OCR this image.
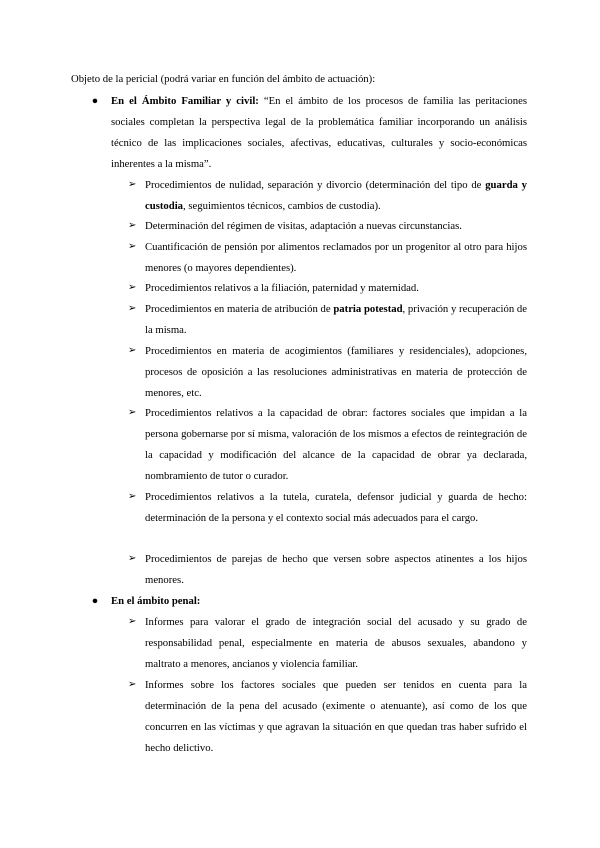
Objeto de la pericial (podrá variar en función del ámbito de actuación):
● En el Ámbito Familiar y civil: “En el ámbito de los procesos de familia las peritaciones sociales completan la perspectiva legal de la problemática familiar incorporando un análisis técnico de las implicaciones sociales, afectivas, educativas, culturales y socio-económicas inherentes a la misma”.
➢ Procedimientos de nulidad, separación y divorcio (determinación del tipo de guarda y custodia, seguimientos técnicos, cambios de custodia).
➢ Determinación del régimen de visitas, adaptación a nuevas circunstancias.
➢ Cuantificación de pensión por alimentos reclamados por un progenitor al otro para hijos menores (o mayores dependientes).
➢ Procedimientos relativos a la filiación, paternidad y maternidad.
➢ Procedimientos en materia de atribución de patria potestad, privación y recuperación de la misma.
➢ Procedimientos en materia de acogimientos (familiares y residenciales), adopciones, procesos de oposición a las resoluciones administrativas en materia de protección de menores, etc.
➢ Procedimientos relativos a la capacidad de obrar: factores sociales que impidan a la persona gobernarse por sí misma, valoración de los mismos a efectos de reintegración de la capacidad y modificación del alcance de la capacidad de obrar ya declarada, nombramiento de tutor o curador.
➢ Procedimientos relativos a la tutela, curatela, defensor judicial y guarda de hecho: determinación de la persona y el contexto social más adecuados para el cargo.
➢ Procedimientos de parejas de hecho que versen sobre aspectos atinentes a los hijos menores.
● En el ámbito penal:
➢ Informes para valorar el grado de integración social del acusado y su grado de responsabilidad penal, especialmente en materia de abusos sexuales, abandono y maltrato a menores, ancianos y violencia familiar.
➢ Informes sobre los factores sociales que pueden ser tenidos en cuenta para la determinación de la pena del acusado (eximente o atenuante), así como de los que concurren en las víctimas y que agravan la situación en que quedan tras haber sufrido el hecho delictivo.
